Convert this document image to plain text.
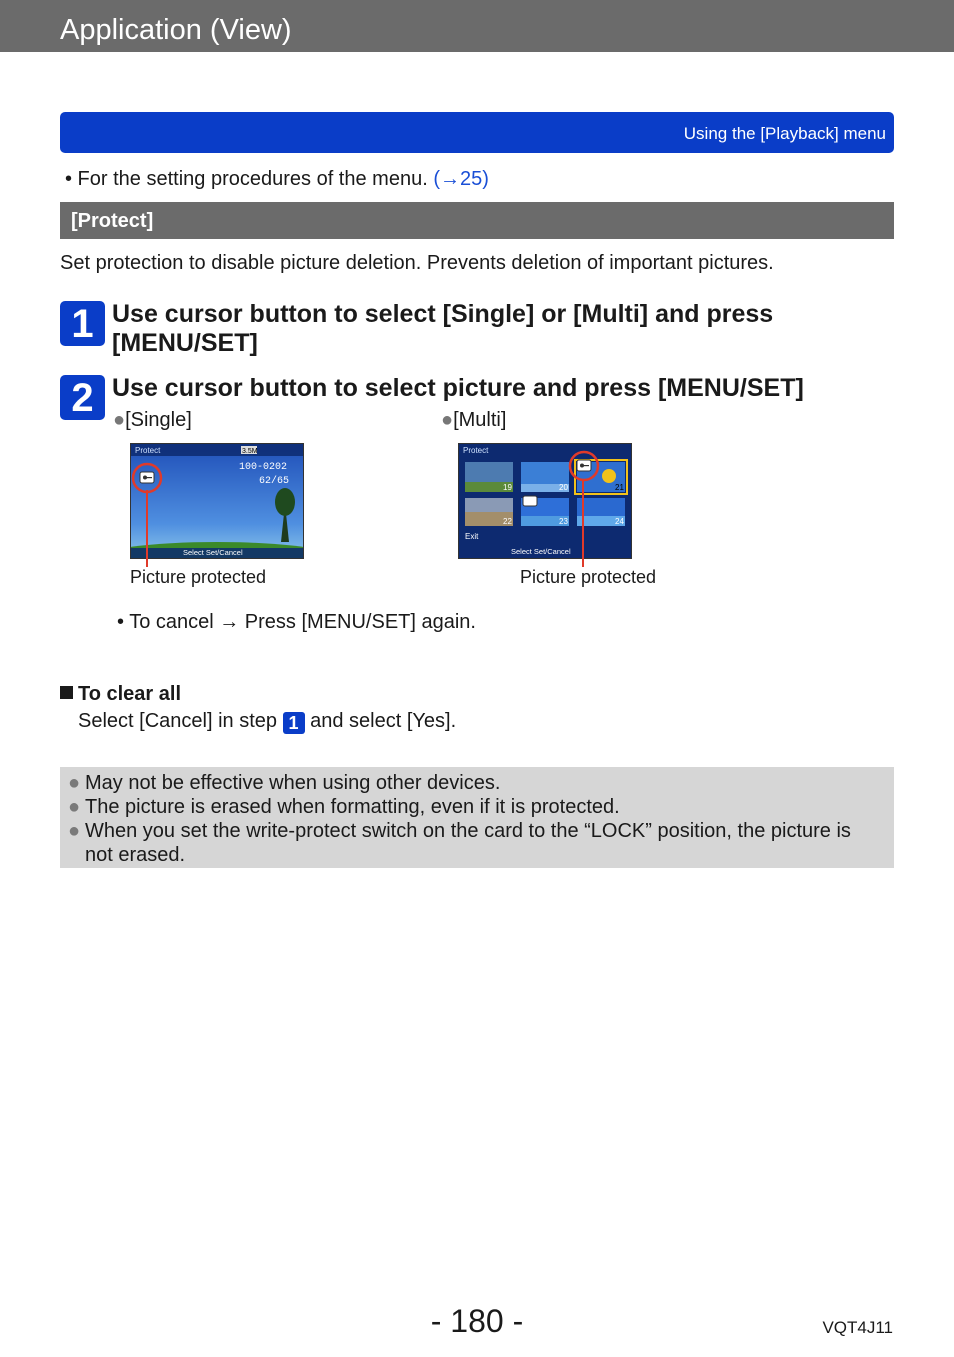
Application (View)
Using the [Playback] menu
• For the setting procedures of the menu. (→25)
[Protect]
Set protection to disable picture deletion. Prevents deletion of important pictures.
1 Use cursor button to select [Single] or [Multi] and press
[MENU/SET]
2 Use cursor button to select picture and press [MENU/SET]
●[Single]	●[Multi]
3.5M
Protect
100-0202
62/65
Select Set/Cancel
Protect
19	20	21
22	23	24
Exit
Select Set/Cancel
Picture protected	Picture protected
• To cancel → Press [MENU/SET] again.
To clear all
Select [Cancel] in step 1 and select [Yes].
● May not be effective when using other devices.
● The picture is erased when formatting, even if it is protected.
● When you set the write-protect switch on the card to the “LOCK” position, the picture is not erased.
- 180 -	VQT4J11
